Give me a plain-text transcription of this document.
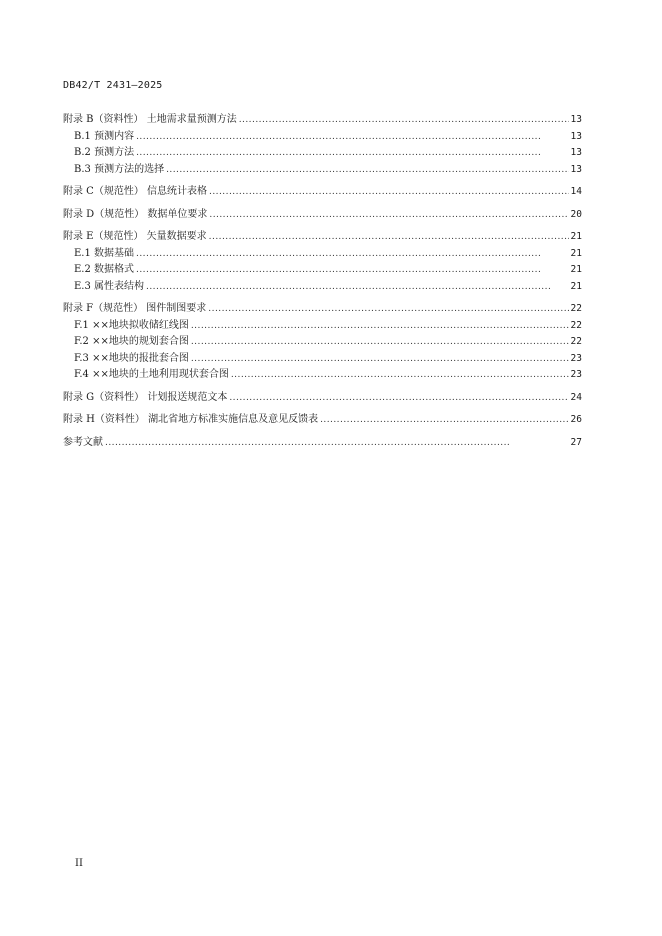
DB42/T 2431—2025
附录 B（资料性） 土地需求量预测方法 . . .	13
B.1 预测内容 . . .	13
B.2 预测方法 . . .	13
B.3 预测方法的选择 . . .	13
附录 C（规范性） 信息统计表格 . . .	14
附录 D（规范性） 数据单位要求 . . .	20
附录 E（规范性） 矢量数据要求 . . .	21
E.1 数据基础 . . .	21
E.2 数据格式 . . .	21
E.3 属性表结构 . . .	21
附录 F（规范性） 图件制图要求 . . .	22
F.1 ××地块拟收储红线图 . . .	22
F.2 ××地块的规划套合图 . . .	22
F.3 ××地块的报批套合图 . . .	23
F.4 ××地块的土地利用现状套合图 . . .	23
附录 G（资料性） 计划报送规范文本 . . .	24
附录 H（资料性） 湖北省地方标准实施信息及意见反馈表 . . .	26
参考文献 . . .	27
II
